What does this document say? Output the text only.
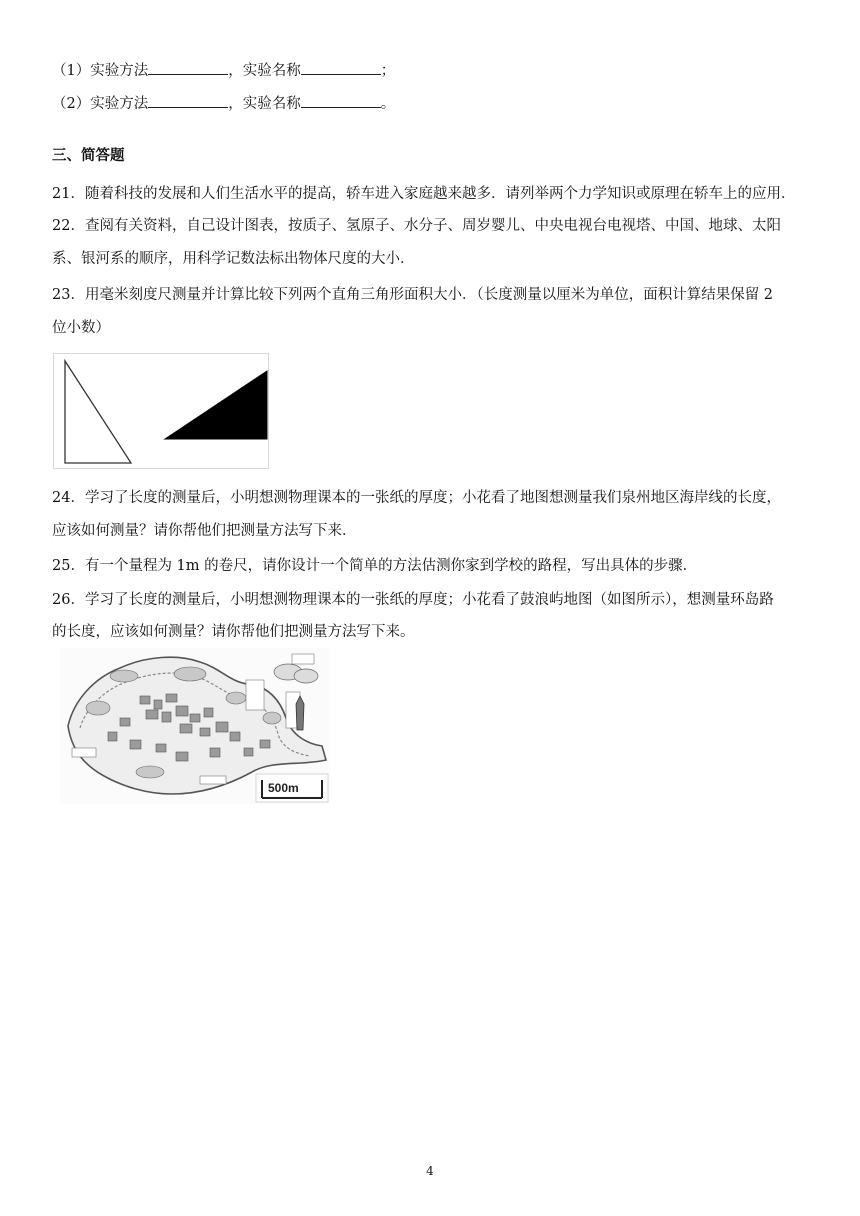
（1）实验方法	，实验名称	；
（2）实验方法	，实验名称	。
三、简答题
21．随着科技的发展和人们生活水平的提高，轿车进入家庭越来越多．请列举两个力学知识或原理在轿车上的应用．
22．查阅有关资料，自己设计图表，按质子、氢原子、水分子、周岁婴儿、中央电视台电视塔、中国、地球、太阳
系、银河系的顺序，用科学记数法标出物体尺度的大小．
23．用毫米刻度尺测量并计算比较下列两个直角三角形面积大小．（长度测量以厘米为单位，面积计算结果保留 2
位小数）
24．学习了长度的测量后，小明想测物理课本的一张纸的厚度；小花看了地图想测量我们泉州地区海岸线的长度，
应该如何测量？请你帮他们把测量方法写下来．
25．有一个量程为 1m 的卷尺，请你设计一个简单的方法估测你家到学校的路程，写出具体的步骤．
26．学习了长度的测量后，小明想测物理课本的一张纸的厚度；小花看了鼓浪屿地图（如图所示），想测量环岛路
的长度，应该如何测量？请你帮他们把测量方法写下来。
500m
4
